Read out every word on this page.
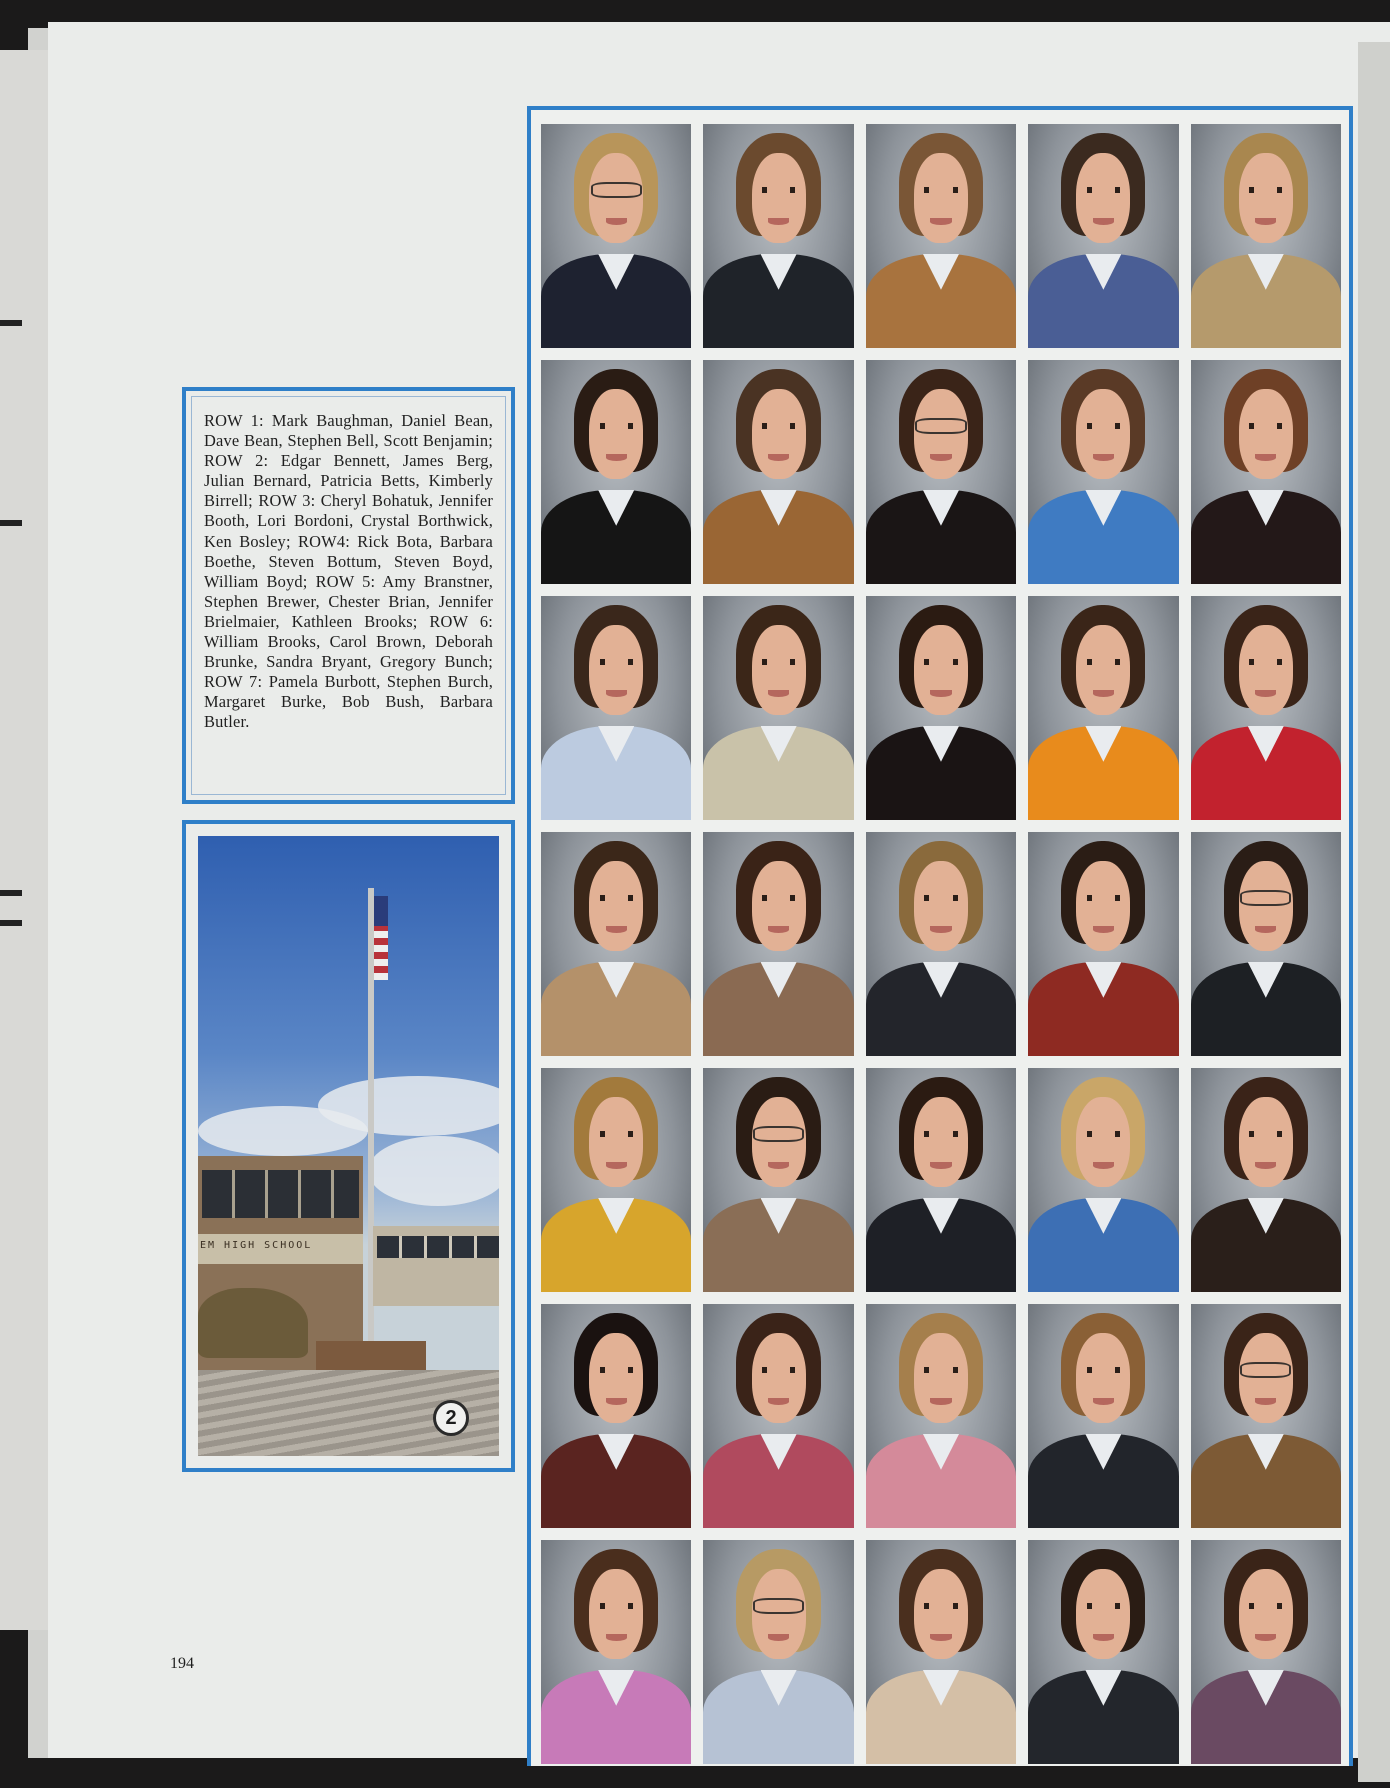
ROW 1: Mark Baughman, Daniel Bean, Dave Bean, Stephen Bell, Scott Benjamin; ROW 2: Edgar Bennett, James Berg, Julian Bernard, Patricia Betts, Kimberly Birrell; ROW 3: Cheryl Bohatuk, Jennifer Booth, Lori Bordoni, Crystal Borthwick, Ken Bosley; ROW4: Rick Bota, Barbara Boethe, Steven Bottum, Steven Boyd, William Boyd; ROW 5: Amy Branstner, Stephen Brewer, Chester Brian, Jennifer Brielmaier, Kathleen Brooks; ROW 6: William Brooks, Carol Brown, Deborah Brunke, Sandra Bryant, Gregory Bunch; ROW 7: Pamela Burbott, Stephen Burch, Margaret Burke, Bob Bush, Barbara Butler.
EM HIGH SCHOOL
2
194
